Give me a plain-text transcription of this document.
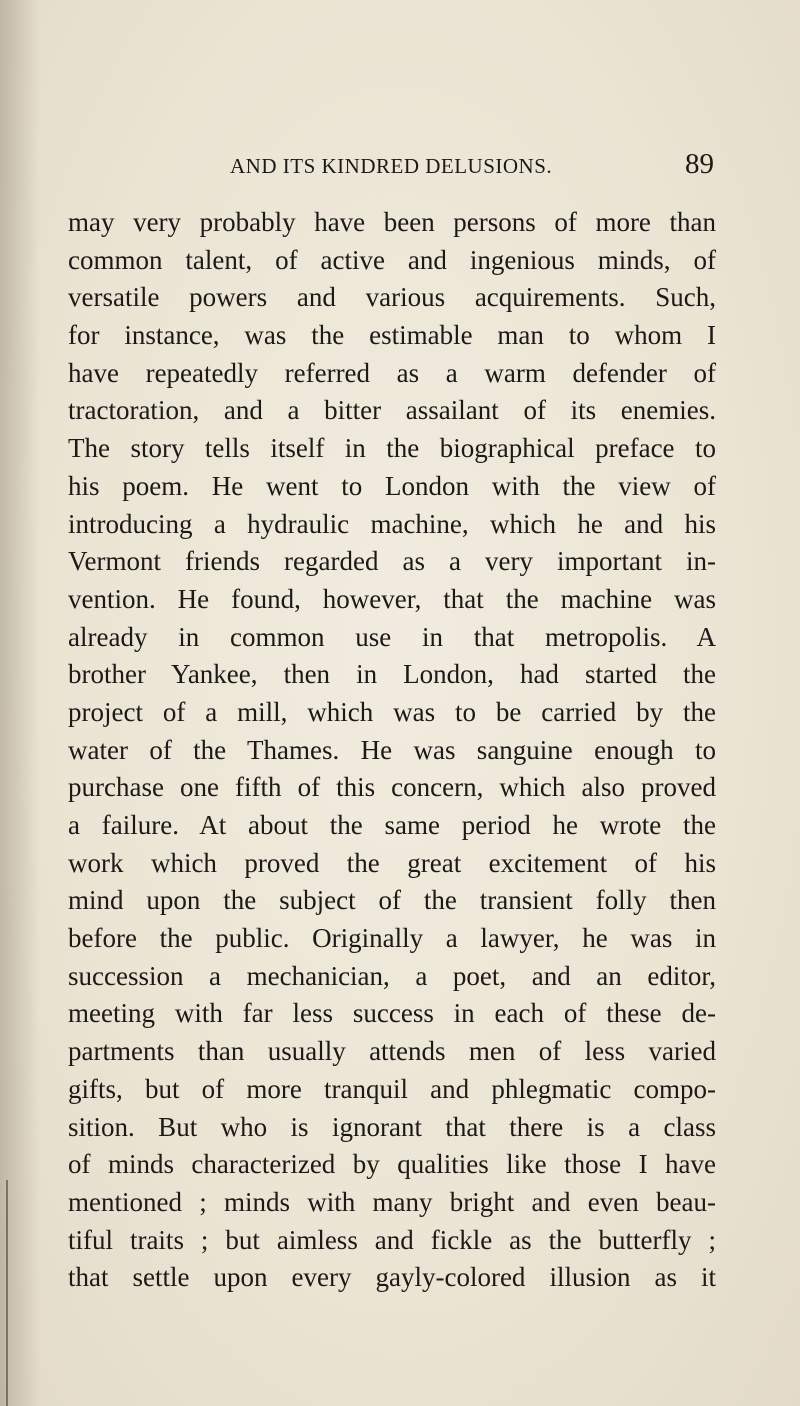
AND ITS KINDRED DELUSIONS.	89
may very probably have been persons of more than
common talent, of active and ingenious minds, of
versatile powers and various acquirements. Such,
for instance, was the estimable man to whom I
have repeatedly referred as a warm defender of
tractoration, and a bitter assailant of its enemies.
The story tells itself in the biographical preface to
his poem. He went to London with the view of
introducing a hydraulic machine, which he and his
Vermont friends regarded as a very important in-
vention. He found, however, that the machine was
already in common use in that metropolis. A
brother Yankee, then in London, had started the
project of a mill, which was to be carried by the
water of the Thames. He was sanguine enough to
purchase one fifth of this concern, which also proved
a failure. At about the same period he wrote the
work which proved the great excitement of his
mind upon the subject of the transient folly then
before the public. Originally a lawyer, he was in
succession a mechanician, a poet, and an editor,
meeting with far less success in each of these de-
partments than usually attends men of less varied
gifts, but of more tranquil and phlegmatic compo-
sition. But who is ignorant that there is a class
of minds characterized by qualities like those I have
mentioned ; minds with many bright and even beau-
tiful traits ; but aimless and fickle as the butterfly ;
that settle upon every gayly-colored illusion as it
